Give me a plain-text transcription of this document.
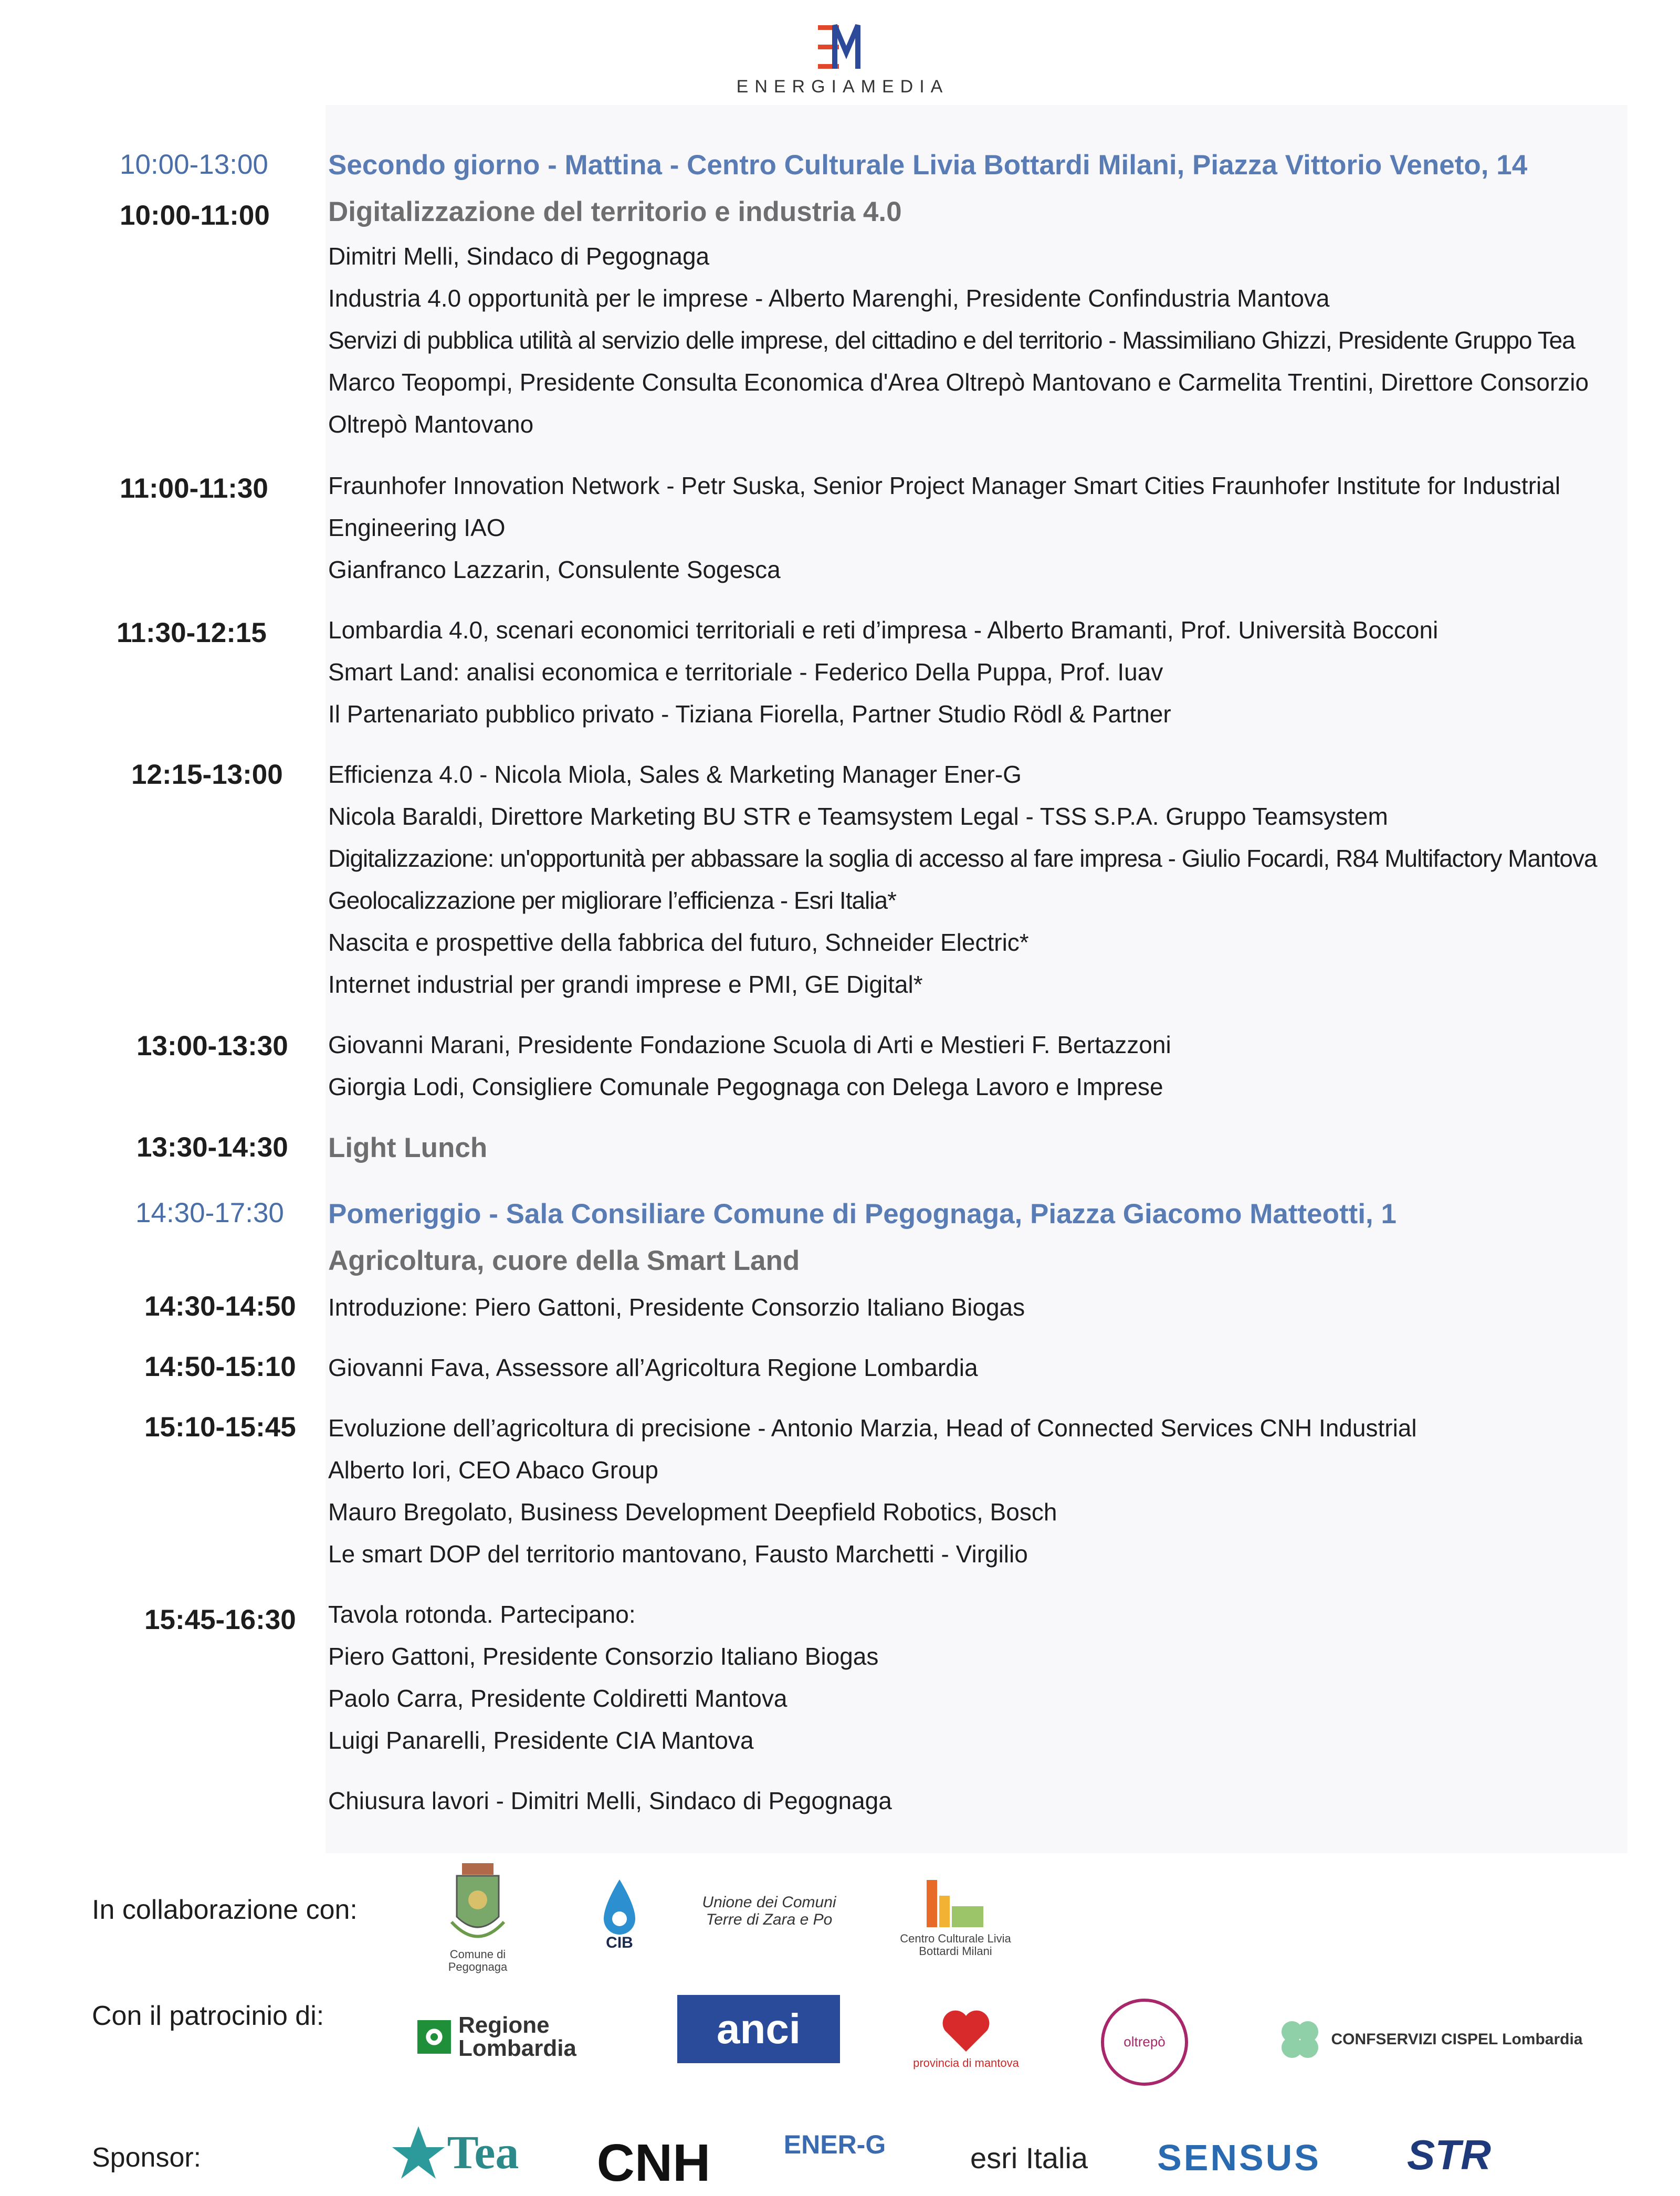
ENERGIAMEDIA
10:00-13:00 Secondo giorno - Mattina - Centro Culturale Livia Bottardi Milani, Piazza Vittorio Veneto, 14
10:00-11:00 Digitalizzazione del territorio e industria 4.0
Dimitri Melli, Sindaco di Pegognaga
Industria 4.0 opportunità per le imprese - Alberto Marenghi, Presidente Confindustria Mantova
Servizi di pubblica utilità al servizio delle imprese, del cittadino e del territorio - Massimiliano Ghizzi, Presidente Gruppo Tea
Marco Teopompi, Presidente Consulta Economica d'Area Oltrepò Mantovano e Carmelita Trentini, Direttore Consorzio
Oltrepò Mantovano
11:00-11:30 Fraunhofer Innovation Network - Petr Suska, Senior Project Manager Smart Cities Fraunhofer Institute for Industrial
Engineering IAO
Gianfranco Lazzarin, Consulente Sogesca
11:30-12:15	Lombardia 4.0, scenari economici territoriali e reti d’impresa - Alberto Bramanti, Prof. Università Bocconi
Smart Land: analisi economica e territoriale - Federico Della Puppa, Prof. Iuav
Il Partenariato pubblico privato - Tiziana Fiorella, Partner Studio Rödl & Partner
12:15-13:00 Efficienza 4.0 - Nicola Miola, Sales & Marketing Manager Ener-G
Nicola Baraldi, Direttore Marketing BU STR e Teamsystem Legal - TSS S.P.A. Gruppo Teamsystem
Digitalizzazione: un'opportunità per abbassare la soglia di accesso al fare impresa - Giulio Focardi, R84 Multifactory Mantova
Geolocalizzazione per migliorare l’efficienza - Esri Italia*
Nascita e prospettive della fabbrica del futuro, Schneider Electric*
Internet industrial per grandi imprese e PMI, GE Digital*
13:00-13:30 Giovanni Marani, Presidente Fondazione Scuola di Arti e Mestieri F. Bertazzoni
Giorgia Lodi, Consigliere Comunale Pegognaga con Delega Lavoro e Imprese
13:30-14:30 Light Lunch
14:30-17:30 Pomeriggio - Sala Consiliare Comune di Pegognaga, Piazza Giacomo Matteotti, 1
Agricoltura, cuore della Smart Land
14:30-14:50 Introduzione: Piero Gattoni, Presidente Consorzio Italiano Biogas
14:50-15:10 Giovanni Fava, Assessore all’Agricoltura Regione Lombardia
15:10-15:45 Evoluzione dell’agricoltura di precisione - Antonio Marzia, Head of Connected Services CNH Industrial
Alberto Iori, CEO Abaco Group
Mauro Bregolato, Business Development Deepfield Robotics, Bosch
Le smart DOP del territorio mantovano, Fausto Marchetti - Virgilio
15:45-16:30 Tavola rotonda. Partecipano:
Piero Gattoni, Presidente Consorzio Italiano Biogas
Paolo Carra, Presidente Coldiretti Mantova
Luigi Panarelli, Presidente CIA Mantova
Chiusura lavori - Dimitri Melli, Sindaco di Pegognaga
In collaborazione con:
Con il patrocinio di:
Sponsor:
Comune di Pegognaga
CIB
Unione dei Comuni Terre di Zara e Po
Centro Culturale Livia Bottardi Milani
Regione Lombardia	anci
provincia di mantova
oltrepò	CONFSERVIZI CISPEL Lombardia
Tea CNH	ENER-G	esri Italia SENSUS STR
